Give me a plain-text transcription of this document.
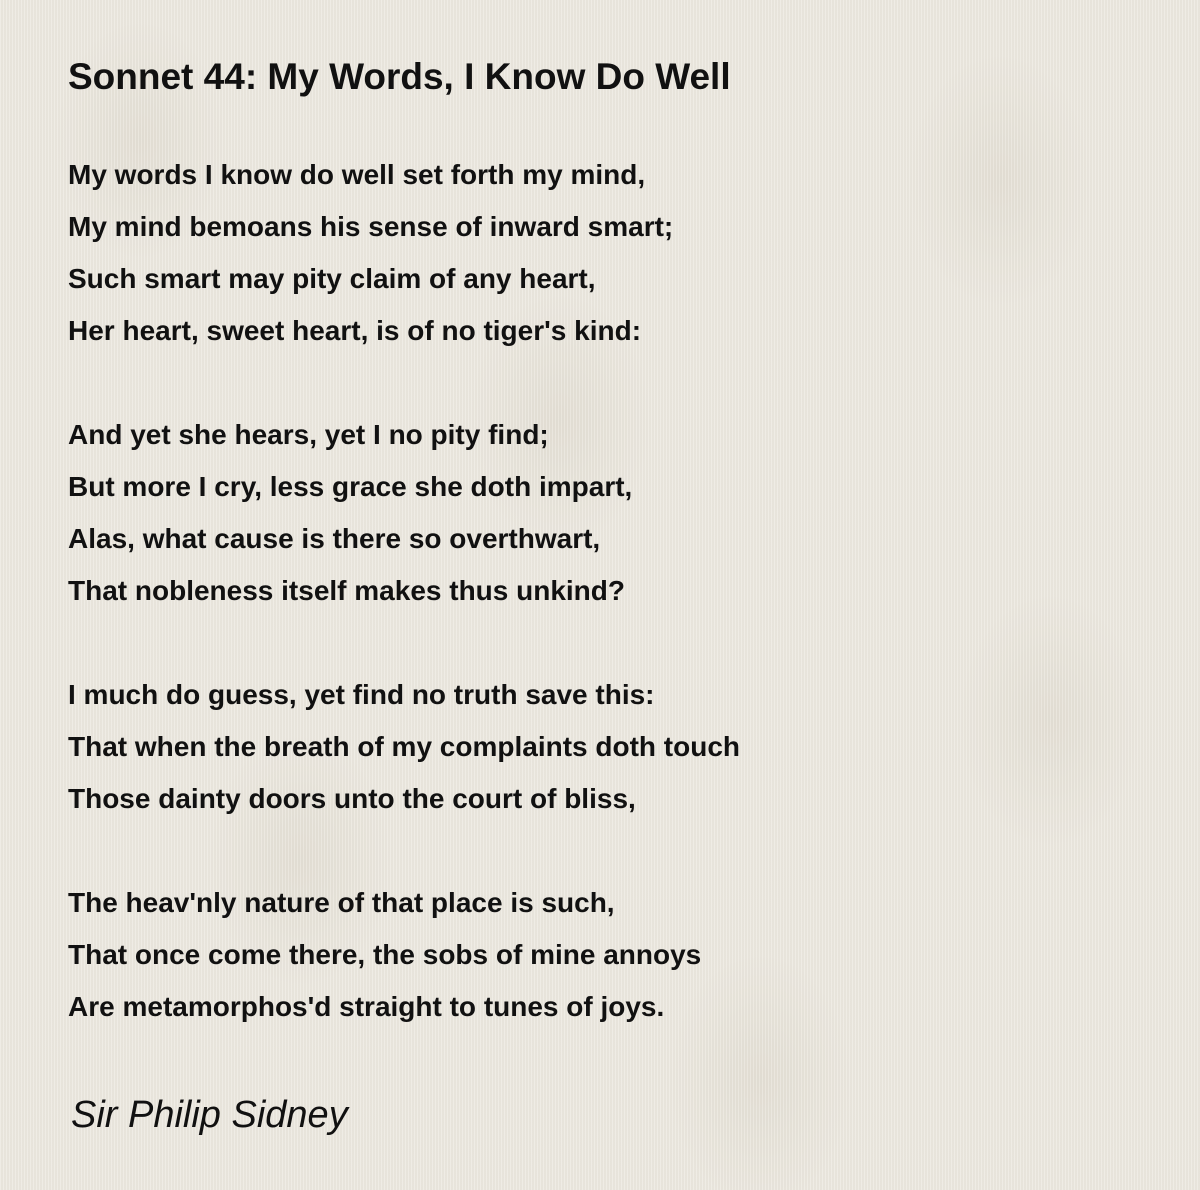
Sonnet 44: My Words, I Know Do Well
My words I know do well set forth my mind,
My mind bemoans his sense of inward smart;
Such smart may pity claim of any heart,
Her heart, sweet heart, is of no tiger's kind:
And yet she hears, yet I no pity find;
But more I cry, less grace she doth impart,
Alas, what cause is there so overthwart,
That nobleness itself makes thus unkind?
I much do guess, yet find no truth save this:
That when the breath of my complaints doth touch
Those dainty doors unto the court of bliss,
The heav'nly nature of that place is such,
That once come there, the sobs of mine annoys
Are metamorphos'd straight to tunes of joys.
Sir Philip Sidney
